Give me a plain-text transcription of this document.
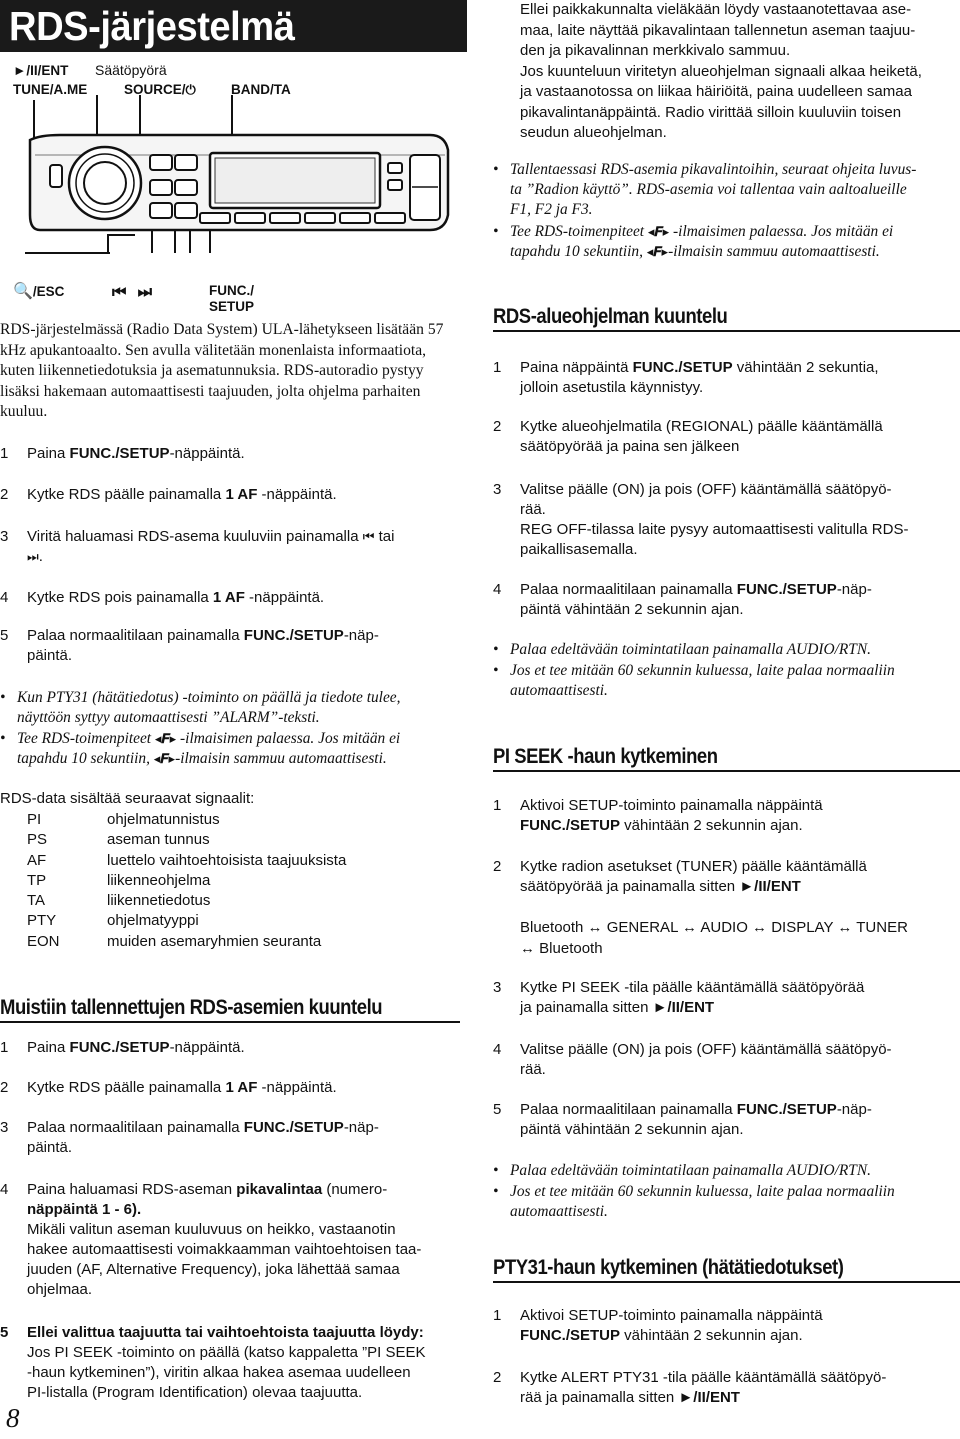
RDS-järjestelmä
►/II/ENT Säätöpyörä
TUNE/A.ME	SOURCE/⏻	BAND/TA
🔍/ESC	⏮ ⏭	FUNC./
SETUP
RDS-järjestelmässä (Radio Data System) ULA-lähetykseen lisätään 57 kHz apukantoaalto. Sen avulla välitetään monenlaista informaatiota, kuten liikennetiedotuksia ja asematunnuksia. RDS-autoradio pystyy lisäksi hakemaan automaattisesti taajuuden, jolta ohjelma parhaiten kuuluu.
1 Paina FUNC./SETUP-näppäintä.
2 Kytke RDS päälle painamalla 1 AF -näppäintä.
3 Viritä haluamasi RDS-asema kuuluviin painamalla ⏮ tai
⏭.
4 Kytke RDS pois painamalla 1 AF -näppäintä.
5 Palaa normaalitilaan painamalla FUNC./SETUP-näp-
päintä.
• Kun PTY31 (hätätiedotus) -toiminto on päällä ja tiedote tulee,
näyttöön syttyy automaattisesti ”ALARM”-teksti.
• Tee RDS-toimenpiteet ◂𝑭▸ -ilmaisimen palaessa. Jos mitään ei
tapahdu 10 sekuntiin, ◂𝑭▸-ilmaisin sammuu automaattisesti.
RDS-data sisältää seuraavat signaalit:
PI	ohjelmatunnistus
PS	aseman tunnus
AF	luettelo vaihtoehtoisista taajuuksista
TP	liikenneohjelma
TA	liikennetiedotus
PTY	ohjelmatyyppi
EON	muiden asemaryhmien seuranta
Muistiin tallennettujen RDS-asemien kuuntelu
1 Paina FUNC./SETUP-näppäintä.
2 Kytke RDS päälle painamalla 1 AF -näppäintä.
3 Palaa normaalitilaan painamalla FUNC./SETUP-näp-
päintä.
4 Paina haluamasi RDS-aseman pikavalintaa (numero-
näppäintä 1 - 6).
Mikäli valitun aseman kuuluvuus on heikko, vastaanotin
hakee automaattisesti voimakkaamman vaihtoehtoisen taa-
juuden (AF, Alternative Frequency), joka lähettää samaa
ohjelmaa.
5 Ellei valittua taajuutta tai vaihtoehtoista taajuutta löydy:
Jos PI SEEK -toiminto on päällä (katso kappaletta ”PI SEEK
-haun kytkeminen”), viritin alkaa hakea asemaa uudelleen
PI-listalla (Program Identification) olevaa taajuutta.
8
Ellei paikkakunnalta vieläkään löydy vastaanotettavaa ase-
maa, laite näyttää pikavalintaan tallennetun aseman taajuu-
den ja pikavalinnan merkkivalo sammuu.
Jos kuunteluun viritetyn alueohjelman signaali alkaa heiketä,
ja vastaanotossa on liikaa häiriöitä, paina uudelleen samaa
pikavalintanäppäintä. Radio virittää silloin kuuluviin toisen
seudun alueohjelman.
• Tallentaessasi RDS-asemia pikavalintoihin, seuraat ohjeita luvus-
ta ”Radion käyttö”. RDS-asemia voi tallentaa vain aaltoalueille
F1, F2 ja F3.
• Tee RDS-toimenpiteet ◂𝑭▸ -ilmaisimen palaessa. Jos mitään ei
tapahdu 10 sekuntiin, ◂𝑭▸-ilmaisin sammuu automaattisesti.
RDS-alueohjelman kuuntelu
1 Paina näppäintä FUNC./SETUP vähintään 2 sekuntia,
jolloin asetustila käynnistyy.
2 Kytke alueohjelmatila (REGIONAL) päälle kääntämällä
säätöpyörää ja paina sen jälkeen
3 Valitse päälle (ON) ja pois (OFF) kääntämällä säätöpyö-
rää.
REG OFF-tilassa laite pysyy automaattisesti valitulla RDS-
paikallisasemalla.
4 Palaa normaalitilaan painamalla FUNC./SETUP-näp-
päintä vähintään 2 sekunnin ajan.
• Palaa edeltävään toimintatilaan painamalla AUDIO/RTN.
• Jos et tee mitään 60 sekunnin kuluessa, laite palaa normaaliin
automaattisesti.
PI SEEK -haun kytkeminen
1 Aktivoi SETUP-toiminto painamalla näppäintä
FUNC./SETUP vähintään 2 sekunnin ajan.
2 Kytke radion asetukset (TUNER) päälle kääntämällä
säätöpyörää ja painamalla sitten ►/II/ENT
Bluetooth ↔ GENERAL ↔ AUDIO ↔ DISPLAY ↔ TUNER
↔ Bluetooth
3 Kytke PI SEEK -tila päälle kääntämällä säätöpyörää
ja painamalla sitten ►/II/ENT
4 Valitse päälle (ON) ja pois (OFF) kääntämällä säätöpyö-
rää.
5 Palaa normaalitilaan painamalla FUNC./SETUP-näp-
päintä vähintään 2 sekunnin ajan.
• Palaa edeltävään toimintatilaan painamalla AUDIO/RTN.
• Jos et tee mitään 60 sekunnin kuluessa, laite palaa normaaliin
automaattisesti.
PTY31-haun kytkeminen (hätätiedotukset)
1 Aktivoi SETUP-toiminto painamalla näppäintä
FUNC./SETUP vähintään 2 sekunnin ajan.
2 Kytke ALERT PTY31 -tila päälle kääntämällä säätöpyö-
rää ja painamalla sitten ►/II/ENT
